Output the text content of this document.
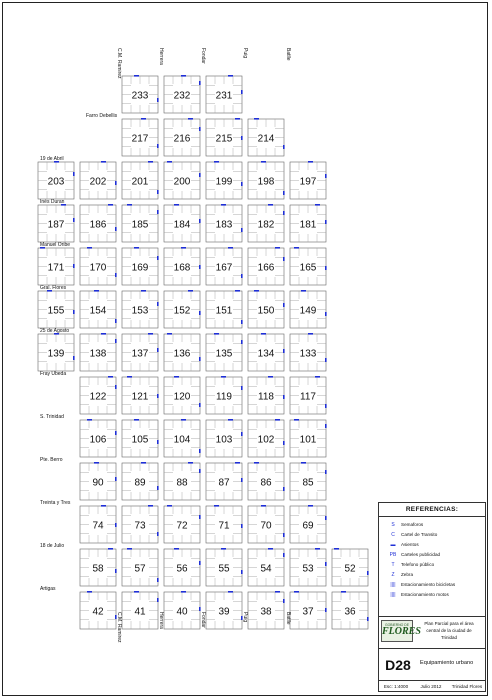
233	232	231
217	216	215	214
203	202	201	200	199	198	197
187	186	185	184	183	182	181
171	170	169	168	167	166	165
155	154	153	152	151	150	149
139	138	137	136	135	134	133
122	121	120	119	118	117
106	105	104	103	102	101
90	89	88	87	86	85
74	73	72	71	70	69
58	57	56	55	54	53	52
42	41	40	39	38	37	36
Farro Debellis
19 de Abril
Inés Duran
Manuel Oribe
Gral. Flores
25 de Agosto
Fray Ubeda
S. Trinidad
Pte. Berro
Treinta y Tres
18 de Julio
Artigas
C.M. Ramirez
C.M. Ramirez
Herrera
Herrera
Fondar
Fondar
Puig
Puig
Batlle
Batlle
REFERENCIAS:
S	Semaforos
C	Cartel de Transito
▬	Asientos
PB	Carteles publicidad
T	Telefono público
Z	Zebra
||||	Estacionamiento bicicletas
||||	Estacionamiento motos
GOBIERNO DE
FLORES
Plan Parcial para el área central de la ciudad de Trinidad
D28	Equipamiento urbano
Esc: 1:4000	Julio 2012	Trinidad Flores
